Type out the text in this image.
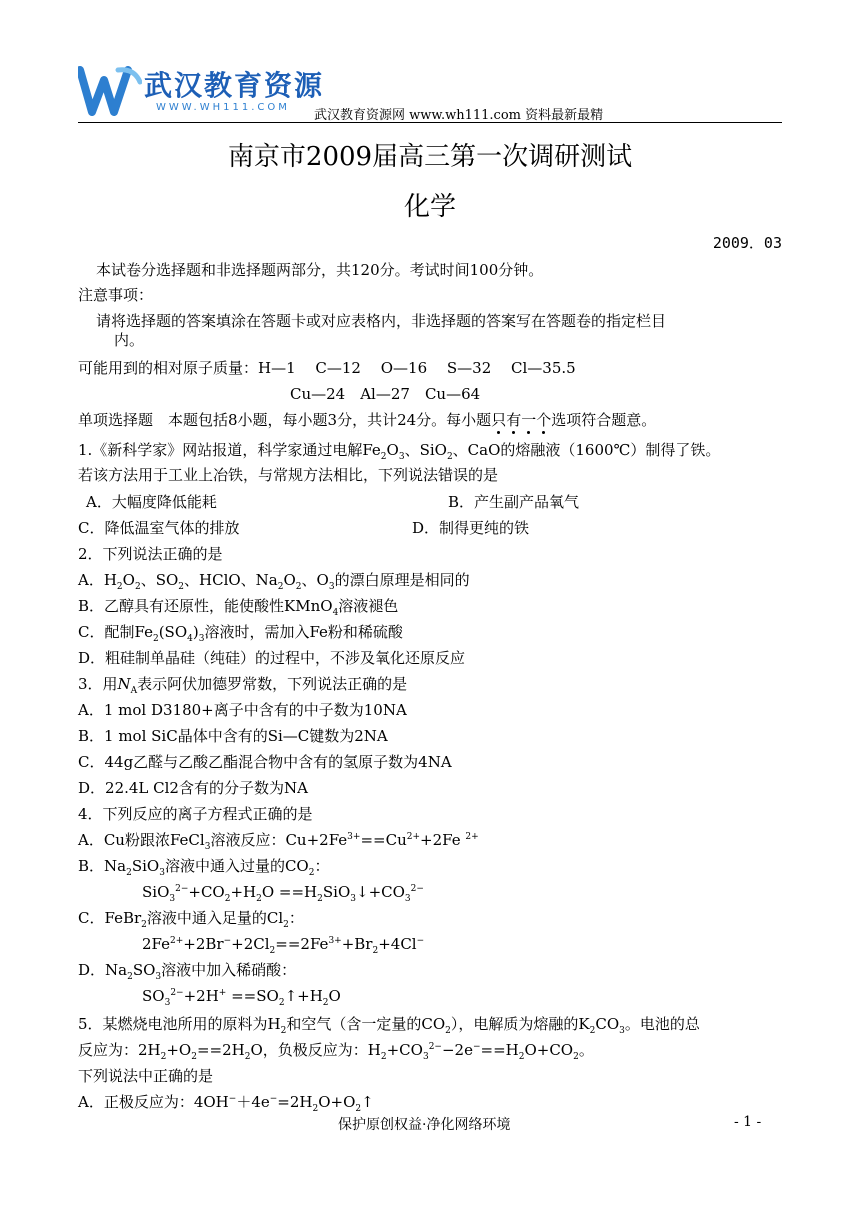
武汉教育资源
WWW.WH111.COM
武汉教育资源网 www.wh111.com 资料最新最精
南京市2009届高三第一次调研测试
化学
2009．03
本试卷分选择题和非选择题两部分，共120分。考试时间100分钟。
注意事项：
请将选择题的答案填涂在答题卡或对应表格内，非选择题的答案写在答题卷的指定栏目
内。
可能用到的相对原子质量：H—1　 C—12　 O—16　 S—32　 Cl—35.5
Cu—24　Al—27　Cu—64
单项选择题　本题包括8小题，每小题3分，共计24分。每小题只有一个选项符合题意。
1.《新科学家》网站报道，科学家通过电解$Fe_2O_3$、SiO$_2$、CaO的熔融液（1600℃）制得了铁。
若该方法用于工业上冶铁，与常规方法相比，下列说法错误的是
A．大幅度降低能耗	B．产生副产品氧气
C．降低温室气体的排放	D．制得更纯的铁
2．下列说法正确的是
A．$H_2O_2$、$SO_2$、HClO、$Na_2O_2$、$O_3$的漂白原理是相同的
B．乙醇具有还原性，能使酸性KMnO$_4$溶液褪色
C．配制$Fe_2(SO_4)_3$溶液时，需加入Fe粉和稀硫酸
D．粗硅制单晶硅（纯硅）的过程中，不涉及氧化还原反应
3．用$N_A$表示阿伏加德罗常数，下列说法正确的是
A．1 mol D3180+离子中含有的中子数为10NA
B．1 mol SiC晶体中含有的Si—C键数为2NA
C．44g乙醛与乙酸乙酯混合物中含有的氢原子数为4NA
D．22.4L Cl2含有的分子数为NA
4．下列反应的离子方程式正确的是
A．Cu粉跟浓FeCl$_3$溶液反应：$Cu+2Fe^{3+}==Cu^{2+}+2Fe$ $^{2+}$
B．$Na_2SiO_3$溶液中通入过量的$CO_2$：
$SiO_3^{2-}+CO_2+H_2O$ $==H_2SiO_3↓+CO_3^{2-}$
C．FeBr$_2$溶液中通入足量的$Cl_2$：
$2Fe^{2+}+2Br^-+2Cl_2==2Fe^{3+}+Br_2+4Cl^-$
D．$Na_2SO_3$溶液中加入稀硝酸：
$SO_3^{2-}+2H^+$ $==SO_2↑+H_2O$
5．某燃烧电池所用的原料为$H_2$和空气（含一定量的$CO_2$），电解质为熔融的$K_2CO_3$。电池的总
反应为：$2H_2+O_2==2H_2O$，负极反应为：$H_2+CO_3^{2-}-2e^-==H_2O+CO_2$。
下列说法中正确的是
A．正极反应为：$4OH^-+4e^-=2H_2O+O_2↑$
保护原创权益·净化网络环境	- 1 -
